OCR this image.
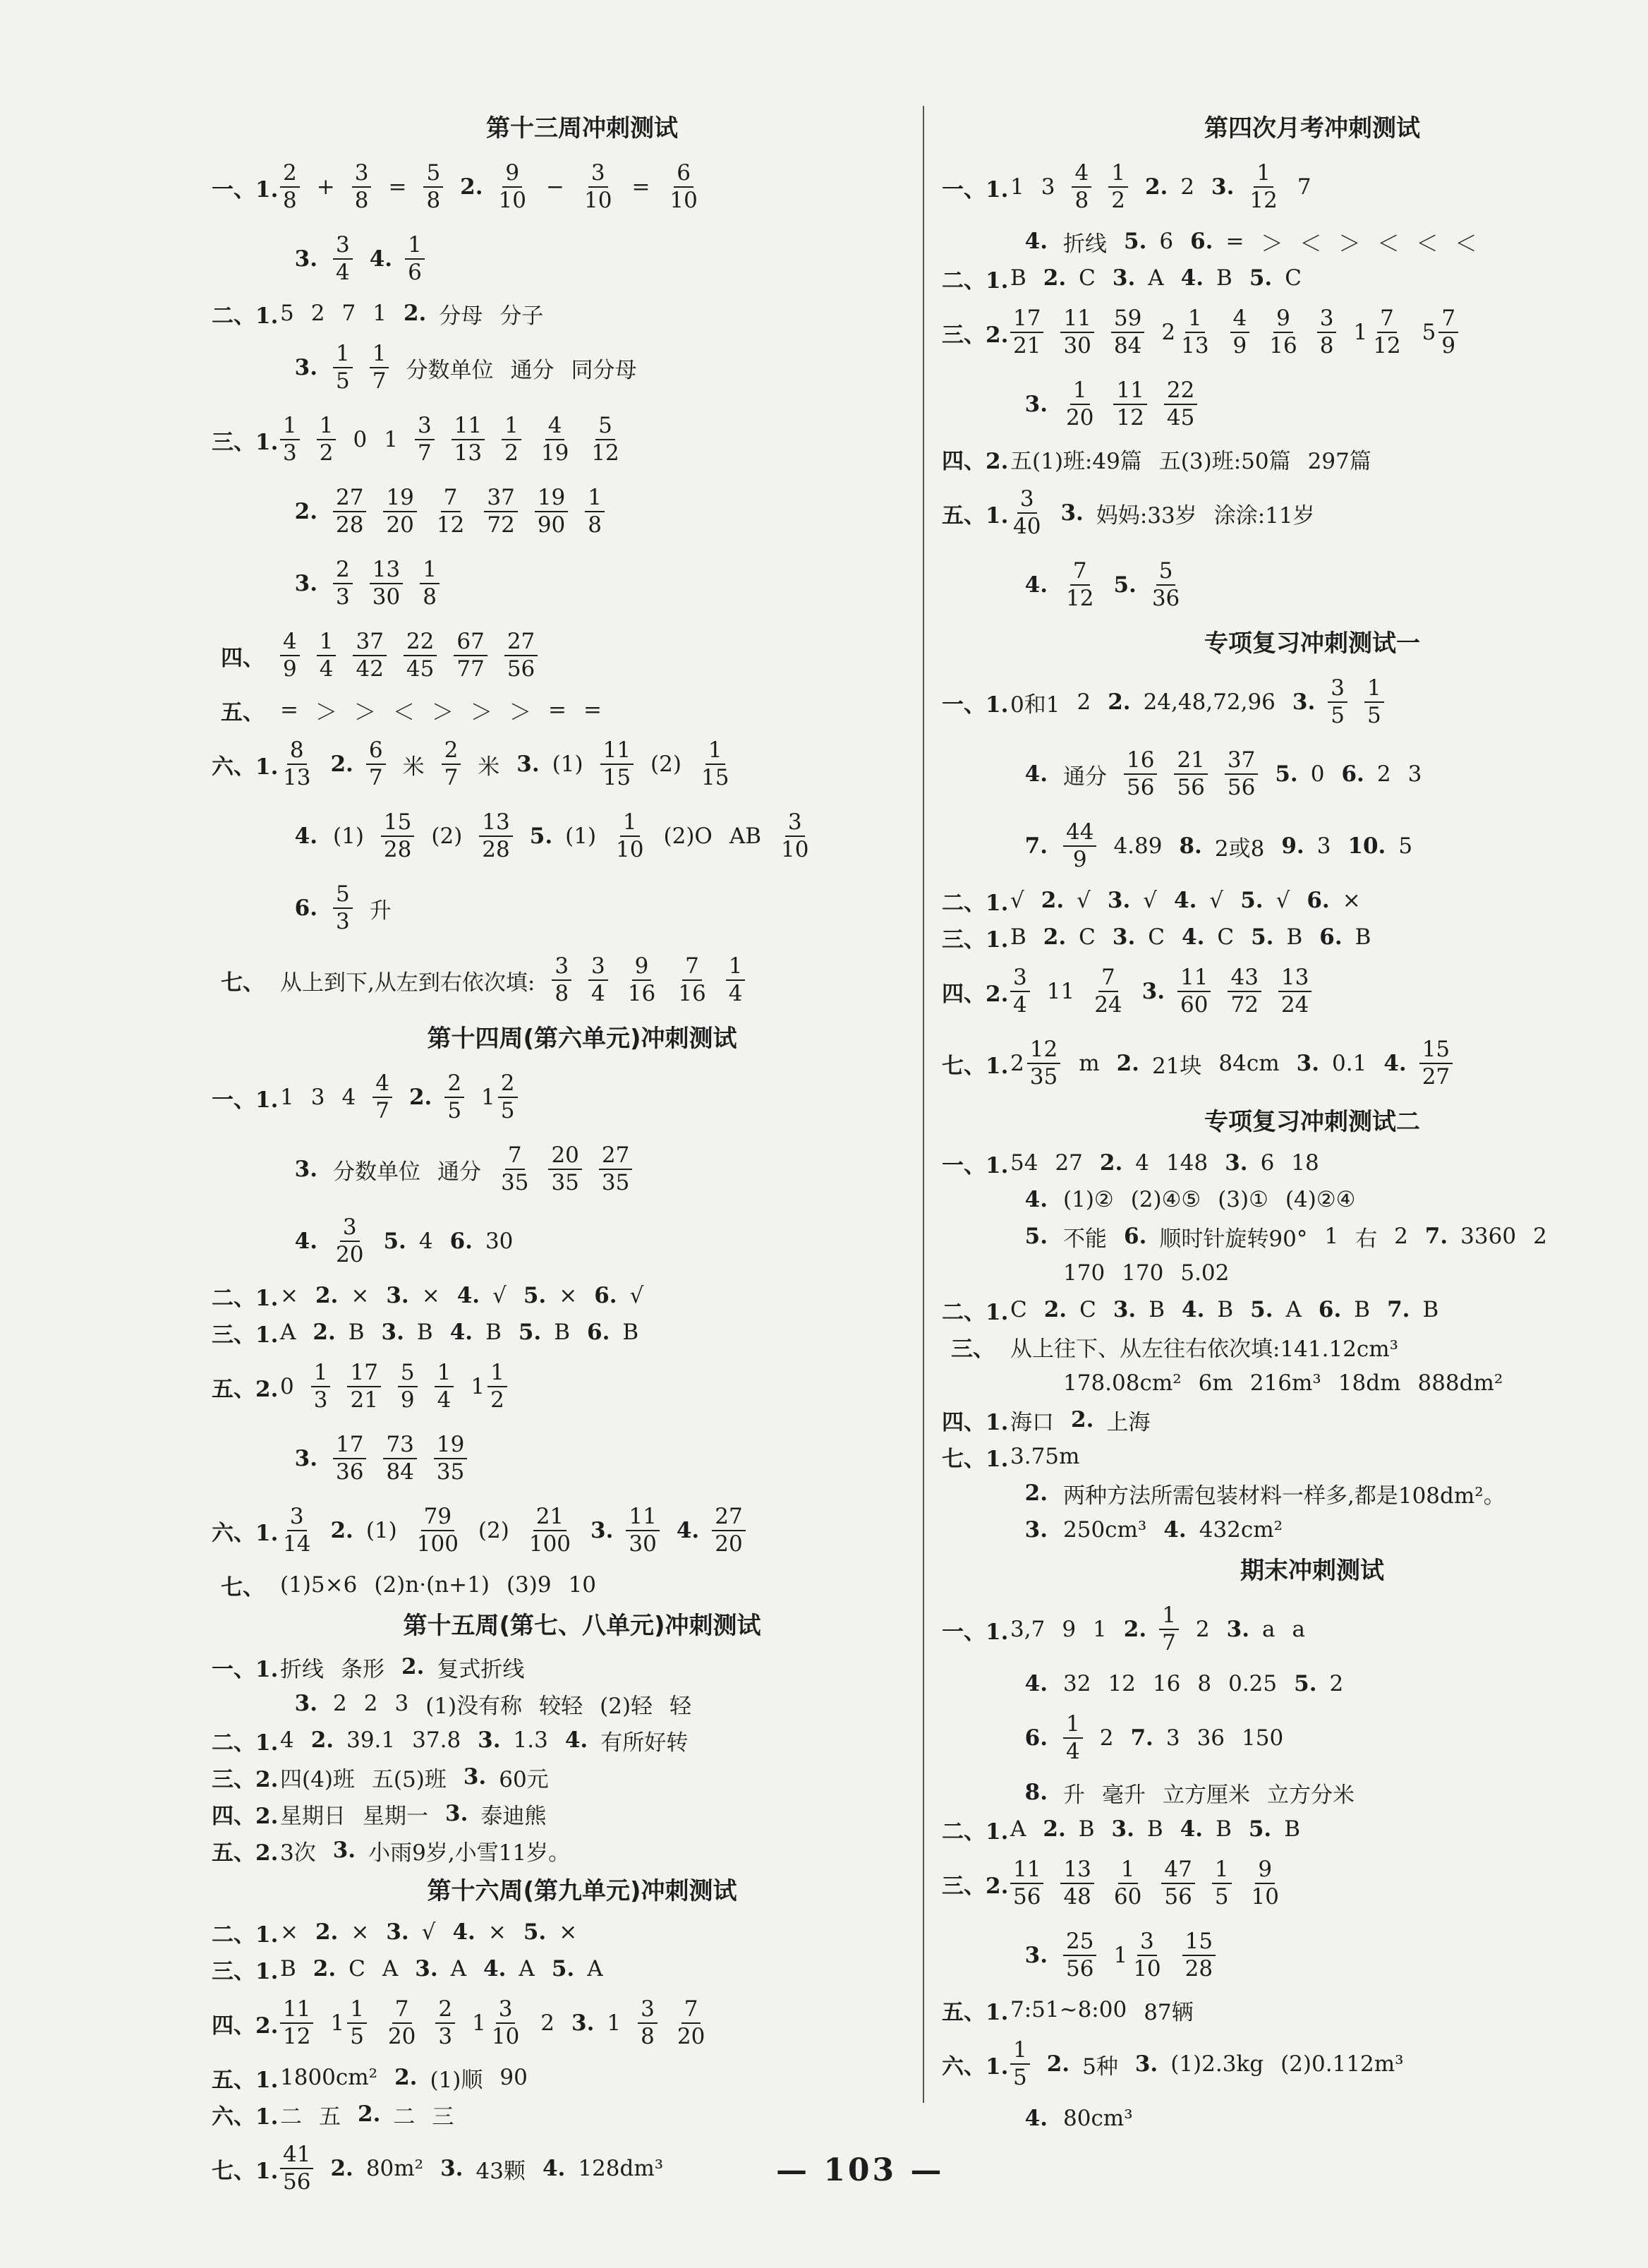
第十三周冲刺测试
一、1. $\frac{2}{8} + \frac{3}{8} = \frac{5}{8} 2$. $\frac{9}{10} - \frac{3}{10} = \frac{6}{10}$
3. $\frac{3}{4} 4$. $\frac{1}{6}$
二、1. 5 2 7 1 2. 分母 分子
3. $\frac{1}{5} \frac{1}{7}$ 分数单位 通分 同分母
三、1. $\frac{1}{3} \frac{1}{2} 0$ $1 \frac{3}{7} \frac{11}{13} \frac{1}{2} \frac{4}{19} \frac{5}{12}$
2. $\frac{27}{28} \frac{19}{20} \frac{7}{12} \frac{37}{72} \frac{19}{90} \frac{1}{8}$
3. $\frac{2}{3} \frac{13}{30} \frac{1}{8}$
四、 $\frac{4}{9} \frac{1}{4} \frac{37}{42} \frac{22}{45} \frac{67}{77} \frac{27}{56}$
五、 = ＞ ＞ ＜ ＞ ＞ ＞ = =
六、1. $\frac{8}{13} 2$. $\frac{6}{7}$ 米 $\frac{2}{7}$ 米 3. $(1) \frac{11}{15} (2) \frac{1}{15}$
4. $(1) \frac{15}{28} (2) \frac{13}{28} 5$. $(1) \frac{1}{10} (2)O$ AB $\frac{3}{10}$
6. $\frac{5}{3}$ 升
七、 从上到下,从左到右依次填: $\frac{3}{8} \frac{3}{4} \frac{9}{16} \frac{7}{16} \frac{1}{4}$
第十四周(第六单元)冲刺测试
一、1. 1 3 $4 \frac{4}{7} 2$. $\frac{2}{5} 1 \frac{2}{5}$
3. 分数单位 通分 $\frac{7}{35} \frac{20}{35} \frac{27}{35}$
4. $\frac{3}{20} 5$. 4 6. 30
二、1. × 2. × 3. × 4. √ 5. × 6. √
三、1. A 2. B 3. B 4. B 5. B 6. B
五、2. $0 \frac{1}{3} \frac{17}{21} \frac{5}{9} \frac{1}{4} 1 \frac{1}{2}$
3. $\frac{17}{36} \frac{73}{84} \frac{19}{35}$
六、1. $\frac{3}{14} 2$. $(1) \frac{79}{100} (2) \frac{21}{100} 3$. $\frac{11}{30} 4$. $\frac{27}{20}$
七、 (1)5×6 (2)n·(n+1) (3)9 10
第十五周(第七、八单元)冲刺测试
一、1. 折线 条形 2. 复式折线
3. 2 2 3 (1)没有称 较轻 (2)轻 轻
二、1. 4 2. 39.1 37.8 3. 1.3 4. 有所好转
三、2. 四(4)班 五(5)班 3. 60元
四、2. 星期日 星期一 3. 泰迪熊
五、2. 3次 3. 小雨9岁,小雪11岁。
第十六周(第九单元)冲刺测试
二、1. × 2. × 3. √ 4. × 5. ×
三、1. B 2. C A 3. A 4. A 5. A
四、2. $\frac{11}{12} 1 \frac{1}{5} \frac{7}{20} \frac{2}{3} 1 \frac{3}{10} 2$ 3. $1 \frac{3}{8} \frac{7}{20}$
五、1. 1800cm² 2. (1)顺 90
六、1. 二 五 2. 二 三
七、1. $\frac{41}{56} 2$. 80m² 3. 43颗 4. 128dm³
第四次月考冲刺测试
一、1. 1 $3 \frac{4}{8} \frac{1}{2} 2$. 2 3. $\frac{1}{12} 7$
4. 折线 5. 6 6. = ＞ ＜ ＞ ＜ ＜ ＜
二、1. B 2. C 3. A 4. B 5. C
三、2. $\frac{17}{21} \frac{11}{30} \frac{59}{84} 2 \frac{1}{13} \frac{4}{9} \frac{9}{16} \frac{3}{8} 1 \frac{7}{12} 5 \frac{7}{9}$
3. $\frac{1}{20} \frac{11}{12} \frac{22}{45}$
四、2. 五(1)班:49篇 五(3)班:50篇 297篇
五、1. $\frac{3}{40} 3$. 妈妈:33岁 涂涂:11岁
4. $\frac{7}{12} 5$. $\frac{5}{36}$
专项复习冲刺测试一
一、1. 0和1 2 2. 24,48,72,96 3. $\frac{3}{5} \frac{1}{5}$
4. 通分 $\frac{16}{56} \frac{21}{56} \frac{37}{56} 5$. 0 6. 2 3
7. $\frac{44}{9} 4.89$ 8. 2或8 9. 3 10. 5
二、1. √ 2. √ 3. √ 4. √ 5. √ 6. ×
三、1. B 2. C 3. C 4. C 5. B 6. B
四、2. $\frac{3}{4} 11 \frac{7}{24} 3$. $\frac{11}{60} \frac{43}{72} \frac{13}{24}$
七、1. $2 \frac{12}{35}$ m 2. 21块 84cm 3. 0.1 4. $\frac{15}{27}$
专项复习冲刺测试二
一、1. 54 27 2. 4 148 3. 6 18
4. (1)② (2)④⑤ (3)① (4)②④
5. 不能 6. 顺时针旋转90° 1 右 2 7. 3360 2
170 170 5.02
二、1. C 2. C 3. B 4. B 5. A 6. B 7. B
三、 从上往下、从左往右依次填:141.12cm³
178.08cm² 6m 216m³ 18dm 888dm²
四、1. 海口 2. 上海
七、1. 3.75m
2. 两种方法所需包装材料一样多,都是108dm²。
3. 250cm³ 4. 432cm²
期末冲刺测试
一、1. 3,7 9 1 2. $\frac{1}{7} 2$ 3. a a
4. 32 12 16 8 0.25 5. 2
6. $\frac{1}{4} 2$ 7. 3 36 150
8. 升 毫升 立方厘米 立方分米
二、1. A 2. B 3. B 4. B 5. B
三、2. $\frac{11}{56} \frac{13}{48} \frac{1}{60} \frac{47}{56} \frac{1}{5} \frac{9}{10}$
3. $\frac{25}{56} 1 \frac{3}{10} \frac{15}{28}$
五、1. 7:51~8:00 87辆
六、1. $\frac{1}{5} 2$. 5种 3. (1)2.3kg (2)0.112m³
4. 80cm³
— 103 —
